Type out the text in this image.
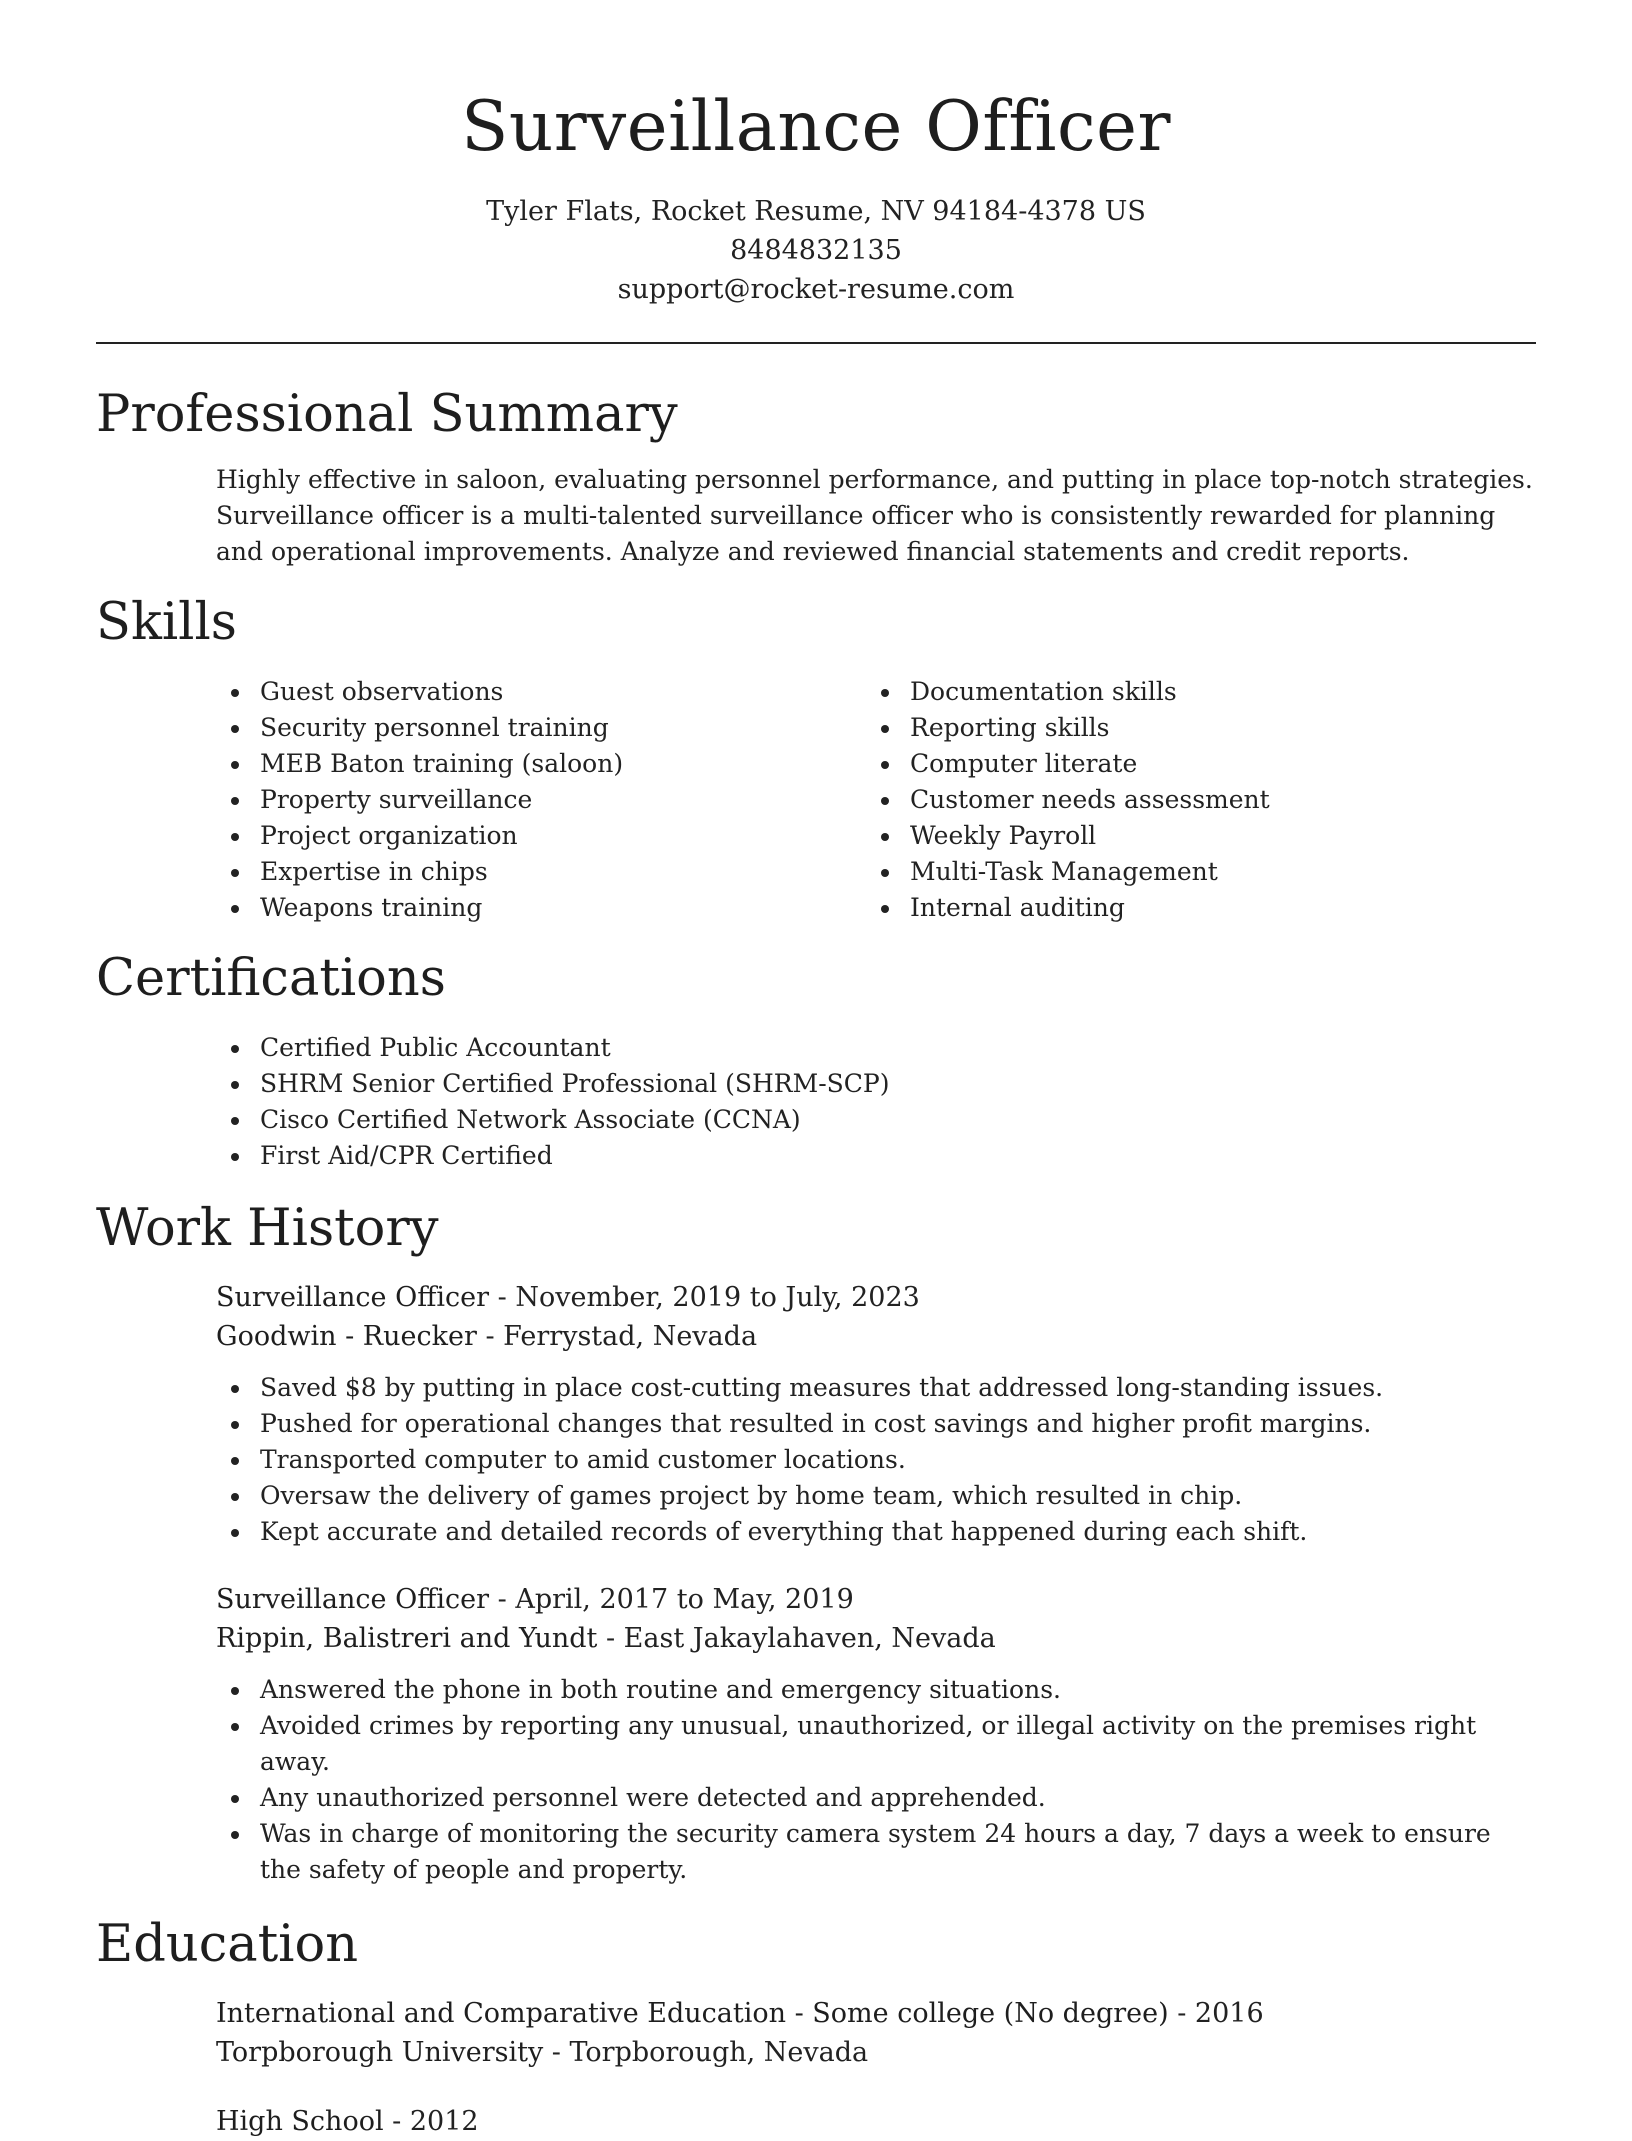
Surveillance Officer
Tyler Flats, Rocket Resume, NV 94184-4378 US
8484832135
support@rocket-resume.com
Professional Summary

Highly effective in saloon, evaluating personnel performance, and putting in place top-notch strategies. Surveillance officer is a multi-talented surveillance officer who is consistently rewarded for planning and operational improvements. Analyze and reviewed financial statements and credit reports.

Skills
Guest observations
Security personnel training
MEB Baton training (saloon)
Property surveillance
Project organization
Expertise in chips
Weapons training
Documentation skills
Reporting skills
Computer literate
Customer needs assessment
Weekly Payroll
Multi-Task Management
Internal auditing
Certifications
Certified Public Accountant
SHRM Senior Certified Professional (SHRM-SCP)
Cisco Certified Network Associate (CCNA)
First Aid/CPR Certified
Work History
Surveillance Officer - November, 2019 to July, 2023
Goodwin - Ruecker - Ferrystad, Nevada
Saved $8 by putting in place cost-cutting measures that addressed long-standing issues.
Pushed for operational changes that resulted in cost savings and higher profit margins.
Transported computer to amid customer locations.
Oversaw the delivery of games project by home team, which resulted in chip.
Kept accurate and detailed records of everything that happened during each shift.
Surveillance Officer - April, 2017 to May, 2019
Rippin, Balistreri and Yundt - East Jakaylahaven, Nevada
Answered the phone in both routine and emergency situations.
Avoided crimes by reporting any unusual, unauthorized, or illegal activity on the premises right away.
Any unauthorized personnel were detected and apprehended.
Was in charge of monitoring the security camera system 24 hours a day, 7 days a week to ensure the safety of people and property.
Education
International and Comparative Education - Some college (No degree) - 2016
Torpborough University - Torpborough, Nevada
High School - 2012
